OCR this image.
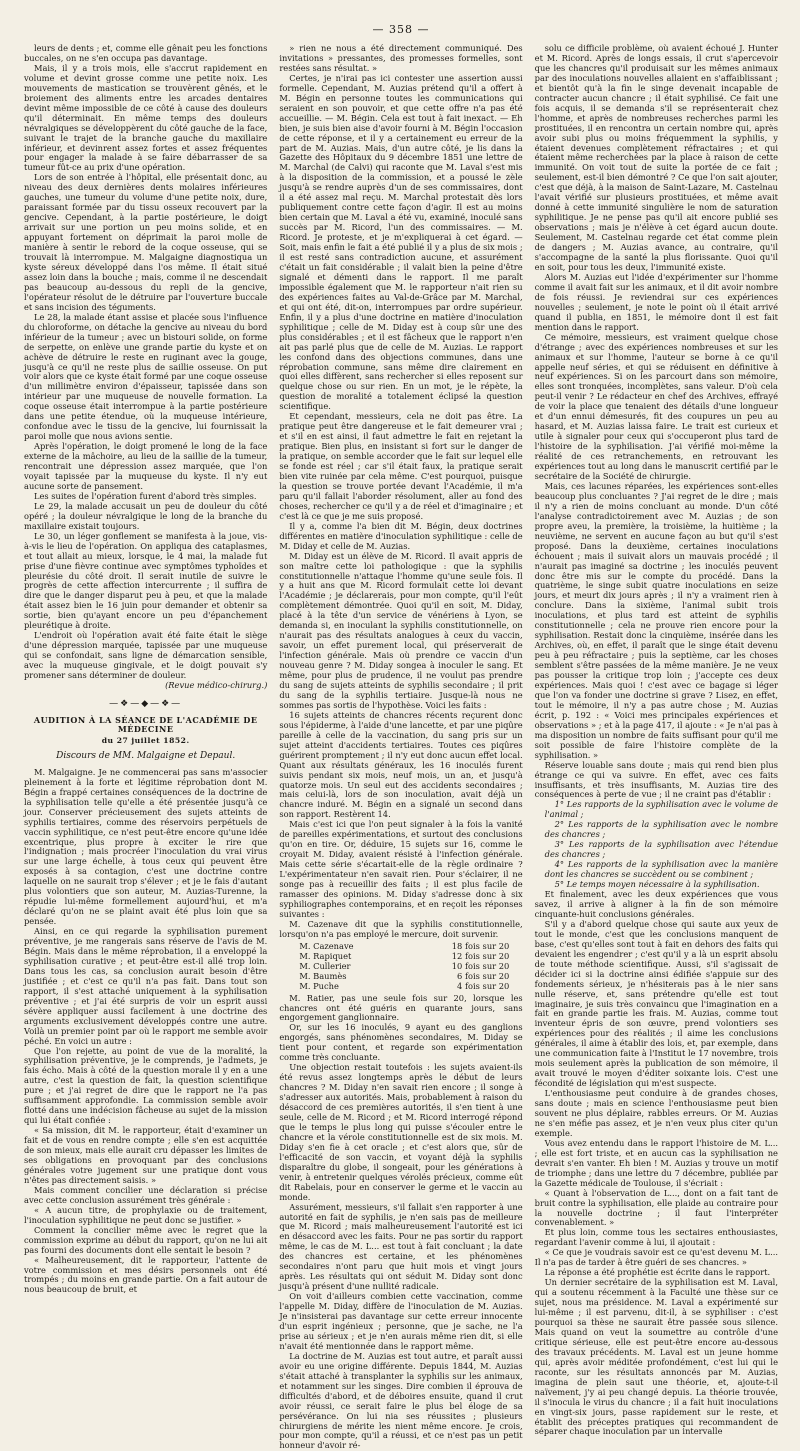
— 358 —

leurs de dents ; et, comme elle gênait peu les fonctions buccales, on ne s'en occupa pas davantage.

Mais, il y a trois mois, elle s'accrut rapidement en volume et devint grosse comme une petite noix. Les mouvements de mastication se trouvèrent gênés, et le broiement des aliments entre les arcades dentaires devint même impossible de ce côté à cause des douleurs qu'il déterminait. En même temps des douleurs névralgiques se développèrent du côté gauche de la face, suivant le trajet de la branche gauche du maxillaire inférieur, et devinrent assez fortes et assez fréquentes pour engager la malade à se faire débarrasser de sa tumeur fût-ce au prix d'une opération.

Lors de son entrée à l'hôpital, elle présentait donc, au niveau des deux dernières dents molaires inférieures gauches, une tumeur du volume d'une petite noix, dure, paraissant formée par du tissu osseux recouvert par la gencive. Cependant, à la partie postérieure, le doigt arrivait sur une portion un peu moins solide, et en appuyant fortement on déprimait la paroi molle de manière à sentir le rebord de la coque osseuse, qui se trouvait là interrompue. M. Malgaigne diagnostiqua un kyste séreux développé dans l'os même. Il était situé assez loin dans la bouche ; mais, comme il ne descendait pas beaucoup au-dessous du repli de la gencive, l'opérateur résolut de le détruire par l'ouverture buccale et sans incision des téguments.

Le 28, la malade étant assise et placée sous l'influence du chloroforme, on détache la gencive au niveau du bord inférieur de la tumeur ; avec un bistouri solide, on forme de serpette, on enlève une grande partie du kyste et on achève de détruire le reste en ruginant avec la gouge, jusqu'à ce qu'il ne reste plus de saillie osseuse. On put voir alors que ce kyste était formé par une coque osseuse d'un millimètre environ d'épaisseur, tapissée dans son intérieur par une muqueuse de nouvelle formation. La coque osseuse était interrompue à la partie postérieure dans une petite étendue, où la muqueuse intérieure, confondue avec le tissu de la gencive, lui fournissait la paroi molle que nous avions sentie.

Après l'opération, le doigt promené le long de la face externe de la mâchoire, au lieu de la saillie de la tumeur, rencontrait une dépression assez marquée, que l'on voyait tapissée par la muqueuse du kyste. Il n'y eut aucune sorte de pansement.

Les suites de l'opération furent d'abord très simples.

Le 29, la malade accusait un peu de douleur du côté opéré ; la douleur névralgique le long de la branche du maxillaire existait toujours.

Le 30, un léger gonflement se manifesta à la joue, vis-à-vis le lieu de l'opération. On appliqua des cataplasmes, et tout allait au mieux, lorsque, le 4 mai, la malade fut prise d'une fièvre continue avec symptômes typhoïdes et pleurésie du côté droit. Il serait inutile de suivre le progrès de cette affection intercurrente ; il suffira de dire que le danger disparut peu à peu, et que la malade était assez bien le 16 juin pour demander et obtenir sa sortie, bien qu'ayant encore un peu d'épanchement pleurétique à droite.

L'endroit où l'opération avait été faite était le siège d'une dépression marquée, tapissée par une muqueuse qui se confondait, sans ligne de démarcation sensible, avec la muqueuse gingivale, et le doigt pouvait s'y promener sans déterminer de douleur.

(Revue médico-chirurg.)

—❖—◆—❖—
AUDITION À LA SÉANCE DE L'ACADÉMIE DE MÉDECINE
du 27 juillet 1852.
Discours de MM. Malgaigne et Depaul.

M. Malgaigne. Je ne commencerai pas sans m'associer pleinement à la forte et légitime réprobation dont M. Bégin a frappé certaines conséquences de la doctrine de la syphilisation telle qu'elle a été présentée jusqu'à ce jour. Conserver précieusement des sujets atteints de syphilis tertiaires, comme des réservoirs perpétuels de vaccin syphilitique, ce n'est peut-être encore qu'une idée excentrique, plus propre à exciter le rire que l'indignation ; mais procréer l'inoculation du vrai virus sur une large échelle, à tous ceux qui peuvent être exposés à sa contagion, c'est une doctrine contre laquelle on ne saurait trop s'élever ; et je le fais d'autant plus volontiers que son auteur, M. Auzias-Turenne, la répudie lui-même formellement aujourd'hui, et m'a déclaré qu'on ne se plaint avait été plus loin que sa pensée.

Ainsi, en ce qui regarde la syphilisation purement préventive, je me rangerais sans réserve de l'avis de M. Bégin. Mais dans le même réprobation, il a enveloppé la syphilisation curative ; et peut-être est-il allé trop loin. Dans tous les cas, sa conclusion aurait besoin d'être justifiée ; et c'est ce qu'il n'a pas fait. Dans tout son rapport, il s'est attaché uniquement à la syphilisation préventive ; et j'ai été surpris de voir un esprit aussi sévère appliquer aussi facilement à une doctrine des arguments exclusivement développés contre une autre. Voilà un premier point par où le rapport me semble avoir péché. En voici un autre :

Que l'on rejette, au point de vue de la moralité, la syphilisation préventive, je le comprends, je l'admets, je fais écho. Mais à côté de la question morale il y en a une autre, c'est la question de fait, la question scientifique pure ; et j'ai regret de dire que le rapport ne l'a pas suffisamment approfondie. La commission semble avoir flotté dans une indécision fâcheuse au sujet de la mission qui lui était confiée :

« Sa mission, dit M. le rapporteur, était d'examiner un fait et de vous en rendre compte ; elle s'en est acquittée de son mieux, mais elle aurait cru dépasser les limites de ses obligations en provoquant par des conclusions générales votre jugement sur une pratique dont vous n'êtes pas directement saisis. »

Mais comment concilier une déclaration si précise avec cette conclusion assurément très générale :

« A aucun titre, de prophylaxie ou de traitement, l'inoculation syphilitique ne peut donc se justifier. »

Comment la concilier même avec le regret que la commission exprime au début du rapport, qu'on ne lui ait pas fourni des documents dont elle sentait le besoin ?

« Malheureusement, dit le rapporteur, l'attente de votre commission et mes désirs personnels ont été trompés ; du moins en grande partie. On a fait autour de nous beaucoup de bruit, et

» rien ne nous a été directement communiqué. Des invitations » pressantes, des promesses formelles, sont restées sans résultat. »

Certes, je n'irai pas ici contester une assertion aussi formelle. Cependant, M. Auzias prétend qu'il a offert à M. Bégin en personne toutes les communications qui seraient en son pouvoir, et que cette offre n'a pas été accueillie. — M. Bégin. Cela est tout à fait inexact. — Eh bien, je suis bien aise d'avoir fourni à M. Bégin l'occasion de cette réponse, et il y a certainement eu erreur de la part de M. Auzias. Mais, d'un autre côté, je lis dans la Gazette des Hôpitaux du 9 décembre 1851 une lettre de M. Marchal (de Calvi) qui raconte que M. Laval s'est mis à la disposition de la commission, et a poussé le zèle jusqu'à se rendre auprès d'un de ses commissaires, dont il a été assez mal reçu. M. Marchal protestait dès lors publiquement contre cette façon d'agir. Il est au moins bien certain que M. Laval a été vu, examiné, inoculé sans succès par M. Ricord, l'un des commissaires. — M. Ricord. Je proteste, et je m'expliquerai à cet égard. — Soit, mais enfin le fait a été publié il y a plus de six mois ; il est resté sans contradiction aucune, et assurément c'était un fait considérable ; il valait bien la peine d'être signalé et démenti dans le rapport. Il me paraît impossible également que M. le rapporteur n'ait rien su des expériences faites au Val-de-Grâce par M. Marchal, et qui ont été, dit-on, interrompues par ordre supérieur. Enfin, il y a plus d'une doctrine en matière d'inoculation syphilitique ; celle de M. Diday est à coup sûr une des plus considérables ; et il est fâcheux que le rapport n'en ait pas parlé plus que de celle de M. Auzias. Le rapport les confond dans des objections communes, dans une réprobation commune, sans même dire clairement en quoi elles diffèrent, sans rechercher si elles reposent sur quelque chose ou sur rien. En un mot, je le répète, la question de moralité a totalement éclipsé la question scientifique.

Et cependant, messieurs, cela ne doit pas être. La pratique peut être dangereuse et le fait demeurer vrai ; et s'il en est ainsi, il faut admettre le fait en rejetant la pratique. Bien plus, en insistant si fort sur le danger de la pratique, on semble accorder que le fait sur lequel elle se fonde est réel ; car s'il était faux, la pratique serait bien vite ruinée par cela même. C'est pourquoi, puisque la question se trouve portée devant l'Académie, il m'a paru qu'il fallait l'aborder résolument, aller au fond des choses, rechercher ce qu'il y a de réel et d'imaginaire ; et c'est là ce que je me suis proposé.

Il y a, comme l'a bien dit M. Bégin, deux doctrines différentes en matière d'inoculation syphilitique : celle de M. Diday et celle de M. Auzias.

M. Diday est un élève de M. Ricord. Il avait appris de son maître cette loi pathologique : que la syphilis constitutionnelle n'attaque l'homme qu'une seule fois. Il y a huit ans que M. Ricord formulait cette loi devant l'Académie ; je déclarerais, pour mon compte, qu'il l'eût complètement démontrée. Quoi qu'il en soit, M. Diday, placé à la tête d'un service de vénériens à Lyon, se demanda si, en inoculant la syphilis constitutionnelle, on n'aurait pas des résultats analogues à ceux du vaccin, savoir, un effet purement local, qui préserverait de l'infection générale. Mais où prendre ce vaccin d'un nouveau genre ? M. Diday songea à inoculer le sang. Et même, pour plus de prudence, il ne voulut pas prendre du sang de sujets atteints de syphilis secondaire ; il prit du sang de la syphilis tertiaire. Jusque-là nous ne sommes pas sortis de l'hypothèse. Voici les faits :

16 sujets atteints de chancres récents reçurent donc sous l'épiderme, à l'aide d'une lancette, et par une piqûre pareille à celle de la vaccination, du sang pris sur un sujet atteint d'accidents tertiaires. Toutes ces piqûres guérirent promptement ; il n'y eut donc aucun effet local. Quant aux résultats généraux, les 16 inoculés furent suivis pendant six mois, neuf mois, un an, et jusqu'à quatorze mois. Un seul eut des accidents secondaires ; mais celui-là, lors de son inoculation, avait déjà un chancre induré. M. Bégin en a signalé un second dans son rapport. Restèrent 14.

Mais c'est ici que l'on peut signaler à la fois la vanité de pareilles expérimentations, et surtout des conclusions qu'on en tire. Or, déduire, 15 sujets sur 16, comme le croyait M. Diday, avaient résisté à l'infection générale. Mais cette série s'écartait-elle de la règle ordinaire ? L'expérimentateur n'en savait rien. Pour s'éclairer, il ne songe pas à recueillir des faits ; il est plus facile de ramasser des opinions. M. Diday s'adresse donc à six syphiliographes contemporains, et en reçoit les réponses suivantes :

M. Cazenave dit que la syphilis constitutionnelle, lorsqu'on n'a pas employé le mercure, doit survenir.

M. Cazenave	18 fois sur 20
M. Rapiquet	12 fois sur 20
M. Cullerier	10 fois sur 20
M. Baumès	6 fois sur 20
M. Puche	4 fois sur 20

M. Ratier, pas une seule fois sur 20, lorsque les chancres ont été guéris en quarante jours, sans engorgement ganglionnaire.

Or, sur les 16 inoculés, 9 ayant eu des ganglions engorgés, sans phénomènes secondaires, M. Diday se tient pour content, et regarde son expérimentation comme très concluante.

Une objection restait toutefois : les sujets avaient-ils été revus assez longtemps après le début de leurs chancres ? M. Diday n'en savait rien encore ; il songe à s'adresser aux autorités. Mais, probablement à raison du désaccord de ces premières autorités, il s'en tient à une seule, celle de M. Ricord ; et M. Ricord interrogé répond que le temps le plus long qui puisse s'écouler entre le chancre et la vérole constitutionnelle est de six mois. M. Diday s'en fie à cet oracle ; et c'est alors que, sûr de l'efficacité de son vaccin, et voyant déjà la syphilis disparaître du globe, il songeait, pour les générations à venir, à entretenir quelques vérolés précieux, comme eût dit Rabelais, pour en conserver le germe et le vaccin au monde.

Assurément, messieurs, s'il fallait s'en rapporter à une autorité en fait de syphilis, je n'en sais pas de meilleure que M. Ricord ; mais malheureusement l'autorité est ici en désaccord avec les faits. Pour ne pas sortir du rapport même, le cas de M. L... est tout à fait concluant ; la date des chancres est certaine, et les phénomènes secondaires n'ont paru que huit mois et vingt jours après. Les résultats qui ont séduit M. Diday sont donc jusqu'à présent d'une nullité radicale.

On voit d'ailleurs combien cette vaccination, comme l'appelle M. Diday, diffère de l'inoculation de M. Auzias. Je n'insisterai pas davantage sur cette erreur innocente d'un esprit ingénieux ; personne, que je sache, ne l'a prise au sérieux ; et je n'en aurais même rien dit, si elle n'avait été mentionnée dans le rapport même.

La doctrine de M. Auzias est tout autre, et paraît aussi avoir eu une origine différente. Depuis 1844, M. Auzias s'était attaché à transplanter la syphilis sur les animaux, et notamment sur les singes. Dire combien il éprouva de difficultés d'abord, et de déboires ensuite, quand il crut avoir réussi, ce serait faire le plus bel éloge de sa persévérance. On lui nia ses réussites ; plusieurs chirurgiens de mérite les nient même encore. Je crois, pour mon compte, qu'il a réussi, et ce n'est pas un petit honneur d'avoir ré-

solu ce difficile problème, où avaient échoué J. Hunter et M. Ricord. Après de longs essais, il crut s'apercevoir que les chancres qu'il produisait sur les mêmes animaux par des inoculations nouvelles allaient en s'affaiblissant ; et bientôt qu'à la fin le singe devenait incapable de contracter aucun chancre ; il était syphilisé. Ce fait une fois acquis, il se demanda s'il se représenterait chez l'homme, et après de nombreuses recherches parmi les prostituées, il en rencontra un certain nombre qui, après avoir subi plus ou moins fréquemment la syphilis, y étaient devenues complètement réfractaires ; et qui étaient même recherchées par la place à raison de cette immunité. On voit tout de suite la portée de ce fait ; seulement, est-il bien démontré ? Ce que l'on sait ajouter, c'est que déjà, à la maison de Saint-Lazare, M. Castelnau l'avait vérifié sur plusieurs prostituées, et même avait donné à cette immunité singulière le nom de saturation syphilitique. Je ne pense pas qu'il ait encore publié ses observations ; mais je n'élève à cet égard aucun doute. Seulement, M. Castelnau regarde cet état comme plein de dangers ; M. Auzias avance, au contraire, qu'il s'accompagne de la santé la plus florissante. Quoi qu'il en soit, pour tous les deux, l'immunité existe.

Alors M. Auzias eut l'idée d'expérimenter sur l'homme comme il avait fait sur les animaux, et il dit avoir nombre de fois réussi. Je reviendrai sur ces expériences nouvelles ; seulement, je note le point où il était arrivé quand il publia, en 1851, le mémoire dont il est fait mention dans le rapport.

Ce mémoire, messieurs, est vraiment quelque chose d'étrange ; avec des expériences nombreuses et sur les animaux et sur l'homme, l'auteur se borne à ce qu'il appelle neuf séries, et qui se réduisent en définitive à neuf expériences. Si on les parcourt dans son mémoire, elles sont tronquées, incomplètes, sans valeur. D'où cela peut-il venir ? Le rédacteur en chef des Archives, effrayé de voir la place que tenaient des détails d'une longueur et d'un ennui démesurés, fit des coupures un peu au hasard, et M. Auzias laissa faire. Le trait est curieux et utile à signaler pour ceux qui s'occuperont plus tard de l'histoire de la syphilisation. J'ai vérifié moi-même la réalité de ces retranchements, en retrouvant les expériences tout au long dans le manuscrit certifié par le secrétaire de la Société de chirurgie.

Mais, ces lacunes réparées, les expériences sont-elles beaucoup plus concluantes ? J'ai regret de le dire ; mais il n'y a rien de moins concluant au monde. D'un côté l'analyse contradictoirement avec M. Auzias ; de son propre aveu, la première, la troisième, la huitième ; la neuvième, ne servent en aucune façon au but qu'il s'est proposé. Dans la deuxième, certaines inoculations échouent ; mais il suivait alors un mauvais procédé ; il n'aurait pas imaginé sa doctrine ; les inoculés peuvent donc être mis sur le compte du procédé. Dans la quatrième, le singe subit quatre inoculations en seize jours, et meurt dix jours après ; il n'y a vraiment rien à conclure. Dans la sixième, l'animal subit trois inoculations, et plus tard est atteint de syphilis constitutionnelle ; cela ne prouve rien encore pour la syphilisation. Restait donc la cinquième, insérée dans les Archives, où, en effet, il paraît que le singe était devenu peu à peu réfractaire ; puis la septième, car les choses semblent s'être passées de la même manière. Je ne veux pas pousser la critique trop loin ; j'accepte ces deux expériences. Mais quoi ! c'est avec ce bagage si léger que l'on va fonder une doctrine si grave ? Lisez, en effet, tout le mémoire, il n'y a pas autre chose ; M. Auzias écrit, p. 192 : « Voici mes principales expériences et observations » ; et à la page 417, il ajoute : « Je n'ai pas à ma disposition un nombre de faits suffisant pour qu'il me soit possible de faire l'histoire complète de la syphilisation. »

Réserve louable sans doute ; mais qui rend bien plus étrange ce qui va suivre. En effet, avec ces faits insuffisants, et très insuffisants, M. Auzias tire des conséquences à perte de vue ; il ne craint pas d'établir :

1° Les rapports de la syphilisation avec le volume de l'animal ;

2° Les rapports de la syphilisation avec le nombre des chancres ;

3° Les rapports de la syphilisation avec l'étendue des chancres ;

4° Les rapports de la syphilisation avec la manière dont les chancres se succèdent ou se combinent ;

5° Le temps moyen nécessaire à la syphilisation.

Et finalement, avec les deux expériences que vous savez, il arrive à aligner à la fin de son mémoire cinquante-huit conclusions générales.

S'il y a d'abord quelque chose qui saute aux yeux de tout le monde, c'est que les conclusions manquent de base, c'est qu'elles sont tout à fait en dehors des faits qui devaient les engendrer ; c'est qu'il y a là un esprit absolu de toute méthode scientifique. Aussi, s'il s'agissait de décider ici si la doctrine ainsi édifiée s'appuie sur des fondements sérieux, je n'hésiterais pas à le nier sans nulle réserve, et, sans prétendre qu'elle est tout imaginaire, je suis très convaincu que l'imagination en a fait en grande partie les frais. M. Auzias, comme tout inventeur épris de son œuvre, prend volontiers ses expériences pour des réalités ; il aime les conclusions générales, il aime à établir des lois, et, par exemple, dans une communication faite à l'Institut le 17 novembre, trois mois seulement après la publication de son mémoire, il avait trouvé le moyen d'éditer soixante lois. C'est une fécondité de législation qui m'est suspecte.

L'enthousiasme peut conduire à de grandes choses, sans doute ; mais en science l'enthousiasme peut bien souvent ne plus déplaire, rabbles erreurs. Or M. Auzias ne s'en méfie pas assez, et je n'en veux plus citer qu'un exemple.

Vous avez entendu dans le rapport l'histoire de M. L... ; elle est fort triste, et en aucun cas la syphilisation ne devrait s'en vanter. Eh bien ! M. Auzias y trouve un motif de triomphe ; dans une lettre du 7 décembre, publiée par la Gazette médicale de Toulouse, il s'écriait :

« Quant à l'observation de L..., dont on a fait tant de bruit contre la syphilisation, elle plaide au contraire pour la nouvelle doctrine ; il faut l'interpréter convenablement. »

Et plus loin, comme tous les sectaires enthousiastes, regardant l'avenir comme à lui, il ajoutait :

« Ce que je voudrais savoir est ce qu'est devenu M. L... Il n'a pas de tarder à être guéri de ses chancres. »

La réponse a été prophétie est écrite dans le rapport.

Un dernier secrétaire de la syphilisation est M. Laval, qui a soutenu récemment à la Faculté une thèse sur ce sujet, nous ma présidence. M. Laval a expérimenté sur lui-même ; il est parvenu, dit-il, à se syphiliser : c'est pourquoi sa thèse ne saurait être passée sous silence. Mais quand on veut la soumettre au contrôle d'une critique sérieuse, elle est peut-être encore au-dessous des travaux précédents. M. Laval est un jeune homme qui, après avoir méditée profondément, c'est lui qui le raconte, sur les résultats annoncés par M. Auzias, imagina de plein saut une théorie, et, ajoute-t-il naïvement, j'y ai peu changé depuis. La théorie trouvée, il s'inocula le virus du chancre ; il a fait huit inoculations en vingt-six jours, passe rapidement sur le reste, et établit des préceptes pratiques qui recommandent de séparer chaque inoculation par un intervalle
